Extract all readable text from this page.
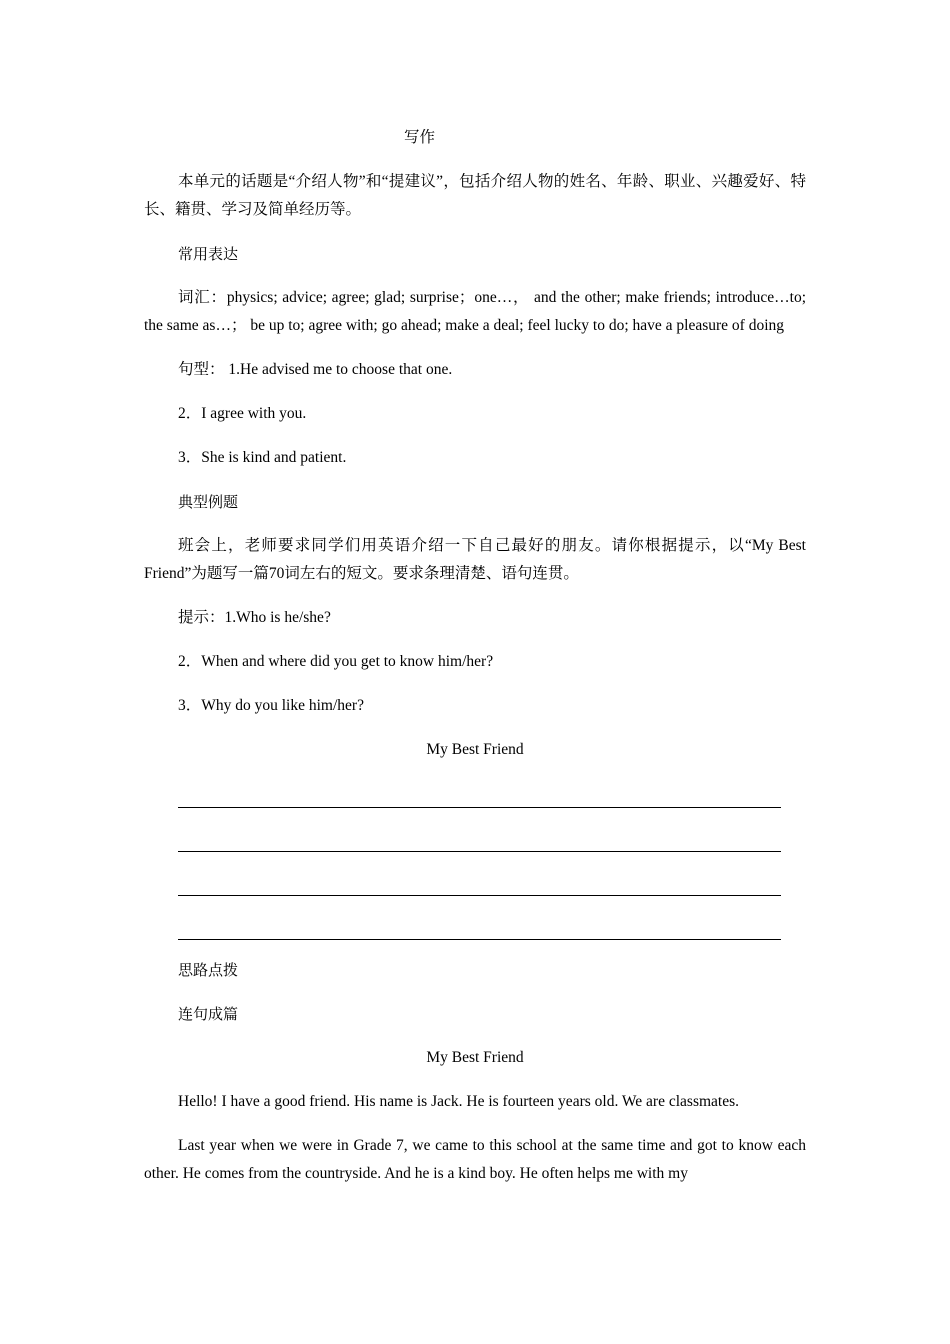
写作

本单元的话题是“介绍人物”和“提建议”，包括介绍人物的姓名、年龄、职业、兴趣爱好、特长、籍贯、学习及简单经历等。

常用表达

词汇：physics; advice; agree; glad; surprise；one…， and the other; make friends; introduce…to; the same as…； be up to; agree with; go ahead; make a deal; feel lucky to do; have a pleasure of doing

句型： 1.He advised me to choose that one.

2．I agree with you.

3．She is kind and patient.

典型例题

班会上，老师要求同学们用英语介绍一下自己最好的朋友。请你根据提示，以“My Best Friend”为题写一篇70词左右的短文。要求条理清楚、语句连贯。

提示：1.Who is he/she?

2．When and where did you get to know him/her?

3．Why do you like him/her?

My Best Friend

思路点拨

连句成篇

My Best Friend

Hello! I have a good friend. His name is Jack. He is fourteen years old. We are classmates.

Last year when we were in Grade 7, we came to this school at the same time and got to know each other. He comes from the countryside. And he is a kind boy. He often helps me with my
